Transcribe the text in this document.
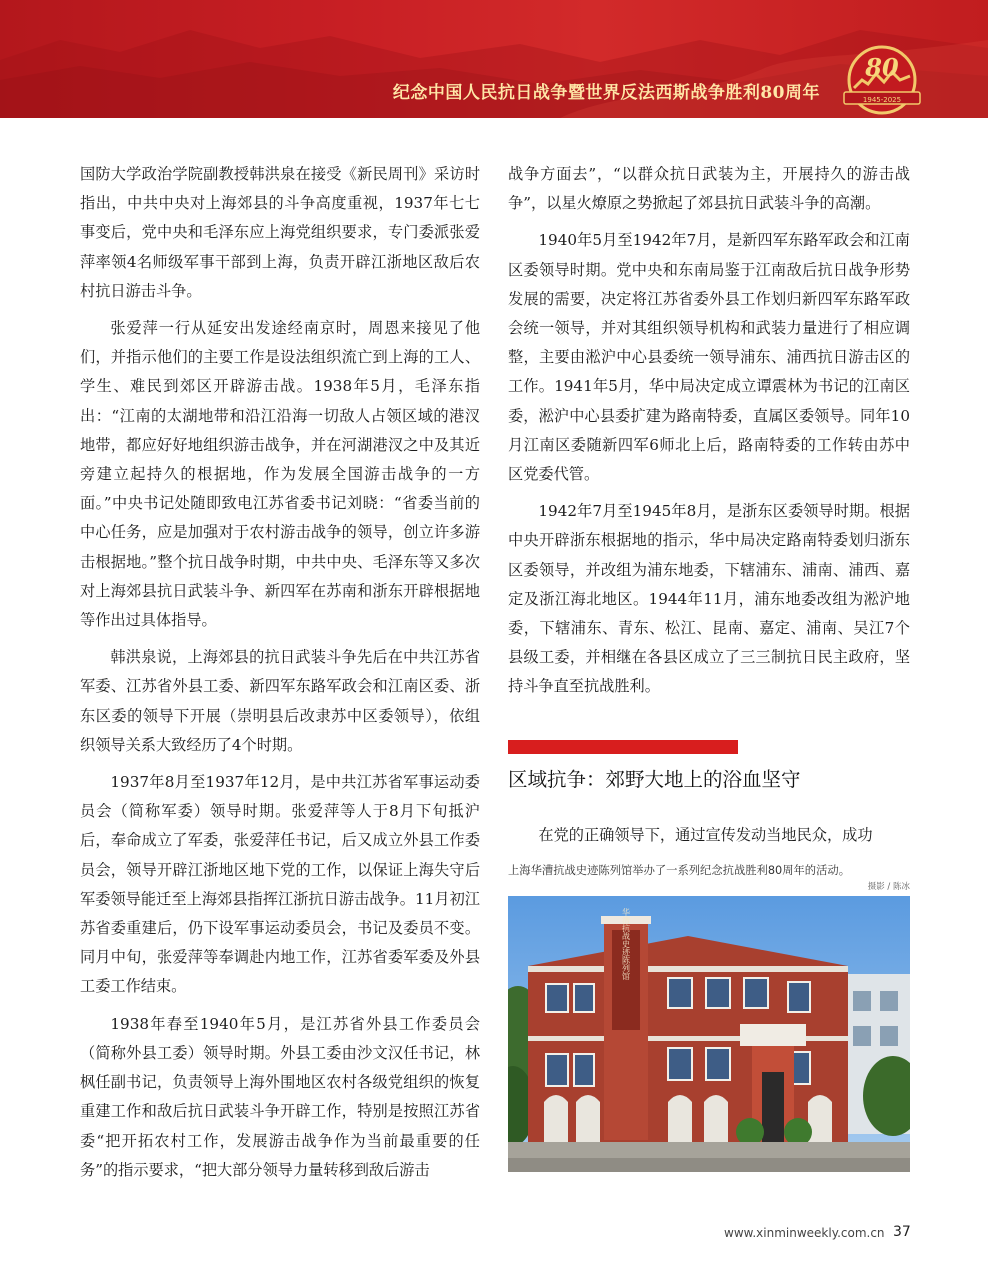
纪念中国人民抗日战争暨世界反法西斯战争胜利80周年
80
1945-2025

国防大学政治学院副教授韩洪泉在接受《新民周刊》采访时指出，中共中央对上海郊县的斗争高度重视，1937年七七事变后，党中央和毛泽东应上海党组织要求，专门委派张爱萍率领4名师级军事干部到上海，负责开辟江浙地区敌后农村抗日游击斗争。

张爱萍一行从延安出发途经南京时，周恩来接见了他们，并指示他们的主要工作是设法组织流亡到上海的工人、学生、难民到郊区开辟游击战。1938年5月，毛泽东指出：“江南的太湖地带和沿江沿海一切敌人占领区域的港汊地带，都应好好地组织游击战争，并在河湖港汊之中及其近旁建立起持久的根据地，作为发展全国游击战争的一方面。”中央书记处随即致电江苏省委书记刘晓：“省委当前的中心任务，应是加强对于农村游击战争的领导，创立许多游击根据地。”整个抗日战争时期，中共中央、毛泽东等又多次对上海郊县抗日武装斗争、新四军在苏南和浙东开辟根据地等作出过具体指导。

韩洪泉说，上海郊县的抗日武装斗争先后在中共江苏省军委、江苏省外县工委、新四军东路军政会和江南区委、浙东区委的领导下开展（崇明县后改隶苏中区委领导），依组织领导关系大致经历了4个时期。

1937年8月至1937年12月，是中共江苏省军事运动委员会（简称军委）领导时期。张爱萍等人于8月下旬抵沪后，奉命成立了军委，张爱萍任书记，后又成立外县工作委员会，领导开辟江浙地区地下党的工作，以保证上海失守后军委领导能迁至上海郊县指挥江浙抗日游击战争。11月初江苏省委重建后，仍下设军事运动委员会，书记及委员不变。同月中旬，张爱萍等奉调赴内地工作，江苏省委军委及外县工委工作结束。

1938年春至1940年5月，是江苏省外县工作委员会（简称外县工委）领导时期。外县工委由沙文汉任书记，林枫任副书记，负责领导上海外围地区农村各级党组织的恢复重建工作和敌后抗日武装斗争开辟工作，特别是按照江苏省委“把开拓农村工作，发展游击战争作为当前最重要的任务”的指示要求，“把大部分领导力量转移到敌后游击

战争方面去”，“以群众抗日武装为主，开展持久的游击战争”，以星火燎原之势掀起了郊县抗日武装斗争的高潮。

1940年5月至1942年7月，是新四军东路军政会和江南区委领导时期。党中央和东南局鉴于江南敌后抗日战争形势发展的需要，决定将江苏省委外县工作划归新四军东路军政会统一领导，并对其组织领导机构和武装力量进行了相应调整，主要由淞沪中心县委统一领导浦东、浦西抗日游击区的工作。1941年5月，华中局决定成立谭震林为书记的江南区委，淞沪中心县委扩建为路南特委，直属区委领导。同年10月江南区委随新四军6师北上后，路南特委的工作转由苏中区党委代管。

1942年7月至1945年8月，是浙东区委领导时期。根据中央开辟浙东根据地的指示，华中局决定路南特委划归浙东区委领导，并改组为浦东地委，下辖浦东、浦南、浦西、嘉定及浙江海北地区。1944年11月，浦东地委改组为淞沪地委，下辖浦东、青东、松江、昆南、嘉定、浦南、吴江7个县级工委，并相继在各县区成立了三三制抗日民主政府，坚持斗争直至抗战胜利。

区域抗争：郊野大地上的浴血坚守
在党的正确领导下，通过宣传发动当地民众，成功
上海华漕抗战史迹陈列馆举办了一系列纪念抗战胜利80周年的活动。
摄影 / 陈冰
华漕抗战史迹陈列馆
www.xinminweekly.com.cn 37
